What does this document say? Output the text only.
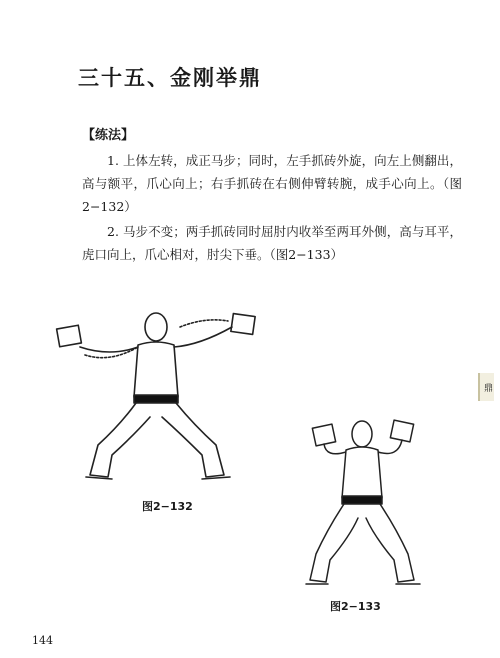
三十五、金刚举鼎
【练法】
1. 上体左转，成正马步；同时，左手抓砖外旋，向左上侧翻出，高与额平，爪心向上；右手抓砖在右侧伸臂转腕，成手心向上。（图2−132）
2. 马步不变；两手抓砖同时屈肘内收举至两耳外侧，高与耳平，虎口向上，爪心相对，肘尖下垂。（图2−133）
图2−132
图2−133
鼎
144
